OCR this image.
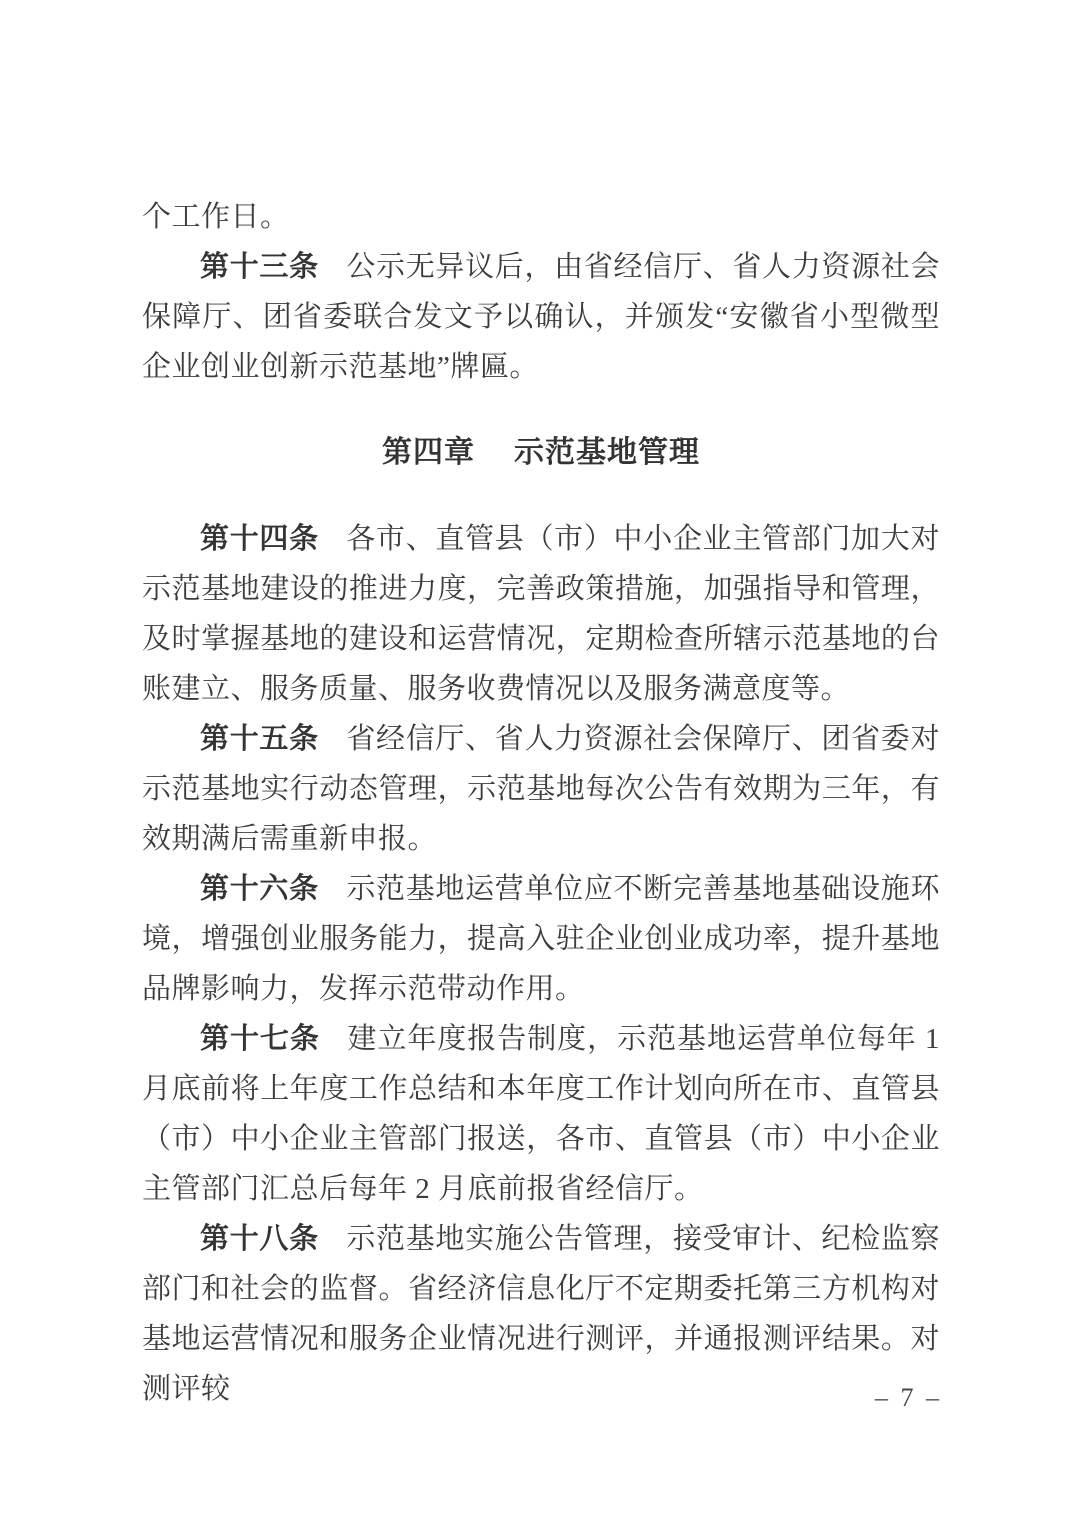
个工作日。

第十三条 公示无异议后，由省经信厅、省人力资源社会保障厅、团省委联合发文予以确认，并颁发“安徽省小型微型企业创业创新示范基地”牌匾。

第四章 示范基地管理

第十四条 各市、直管县（市）中小企业主管部门加大对示范基地建设的推进力度，完善政策措施，加强指导和管理，及时掌握基地的建设和运营情况，定期检查所辖示范基地的台账建立、服务质量、服务收费情况以及服务满意度等。

第十五条 省经信厅、省人力资源社会保障厅、团省委对示范基地实行动态管理，示范基地每次公告有效期为三年，有效期满后需重新申报。

第十六条 示范基地运营单位应不断完善基地基础设施环境，增强创业服务能力，提高入驻企业创业成功率，提升基地品牌影响力，发挥示范带动作用。

第十七条 建立年度报告制度，示范基地运营单位每年 1 月底前将上年度工作总结和本年度工作计划向所在市、直管县（市）中小企业主管部门报送，各市、直管县（市）中小企业主管部门汇总后每年 2 月底前报省经信厅。

第十八条 示范基地实施公告管理，接受审计、纪检监察部门和社会的监督。省经济信息化厅不定期委托第三方机构对基地运营情况和服务企业情况进行测评，并通报测评结果。对测评较	– 7 –
